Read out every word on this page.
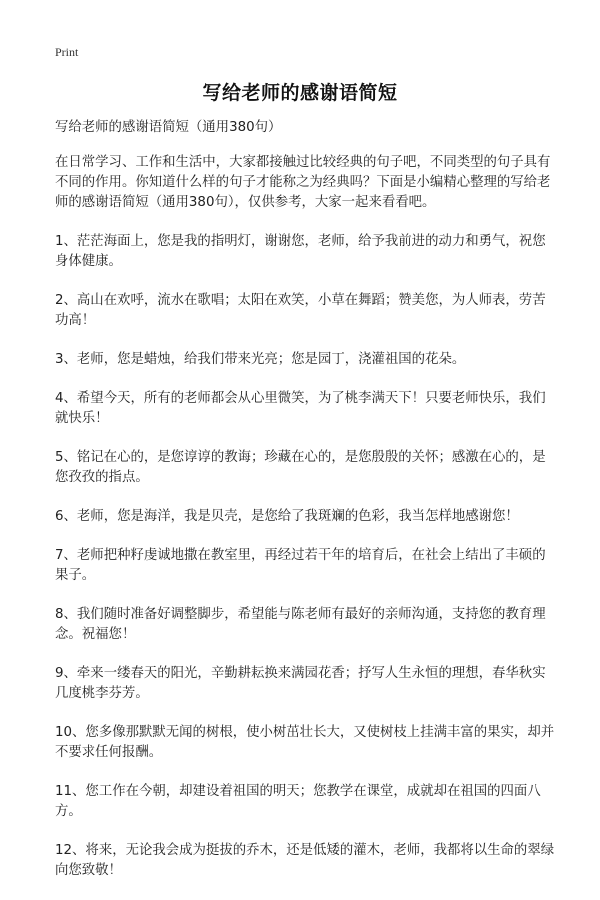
Print
写给老师的感谢语简短

写给老师的感谢语简短（通用380句）

在日常学习、工作和生活中，大家都接触过比较经典的句子吧，不同类型的句子具有不同的作用。你知道什么样的句子才能称之为经典吗？下面是小编精心整理的写给老师的感谢语简短（通用380句），仅供参考，大家一起来看看吧。

1、茫茫海面上，您是我的指明灯，谢谢您，老师，给予我前进的动力和勇气，祝您身体健康。

2、高山在欢呼，流水在歌唱；太阳在欢笑，小草在舞蹈；赞美您，为人师表，劳苦功高！

3、老师，您是蜡烛，给我们带来光亮；您是园丁，浇灌祖国的花朵。

4、希望今天，所有的老师都会从心里微笑，为了桃李满天下！只要老师快乐，我们就快乐！

5、铭记在心的，是您谆谆的教诲；珍藏在心的，是您殷殷的关怀；感激在心的，是您孜孜的指点。

6、老师，您是海洋，我是贝壳，是您给了我斑斓的色彩，我当怎样地感谢您！

7、老师把种籽虔诚地撒在教室里，再经过若干年的培育后，在社会上结出了丰硕的果子。

8、我们随时准备好调整脚步，希望能与陈老师有最好的亲师沟通，支持您的教育理念。祝福您！

9、牵来一缕春天的阳光，辛勤耕耘换来满园花香；抒写人生永恒的理想，春华秋实几度桃李芬芳。

10、您多像那默默无闻的树根，使小树茁壮长大，又使树枝上挂满丰富的果实，却并不要求任何报酬。

11、您工作在今朝，却建设着祖国的明天；您教学在课堂，成就却在祖国的四面八方。

12、将来，无论我会成为挺拔的乔木，还是低矮的灌木，老师，我都将以生命的翠绿向您致敬！
